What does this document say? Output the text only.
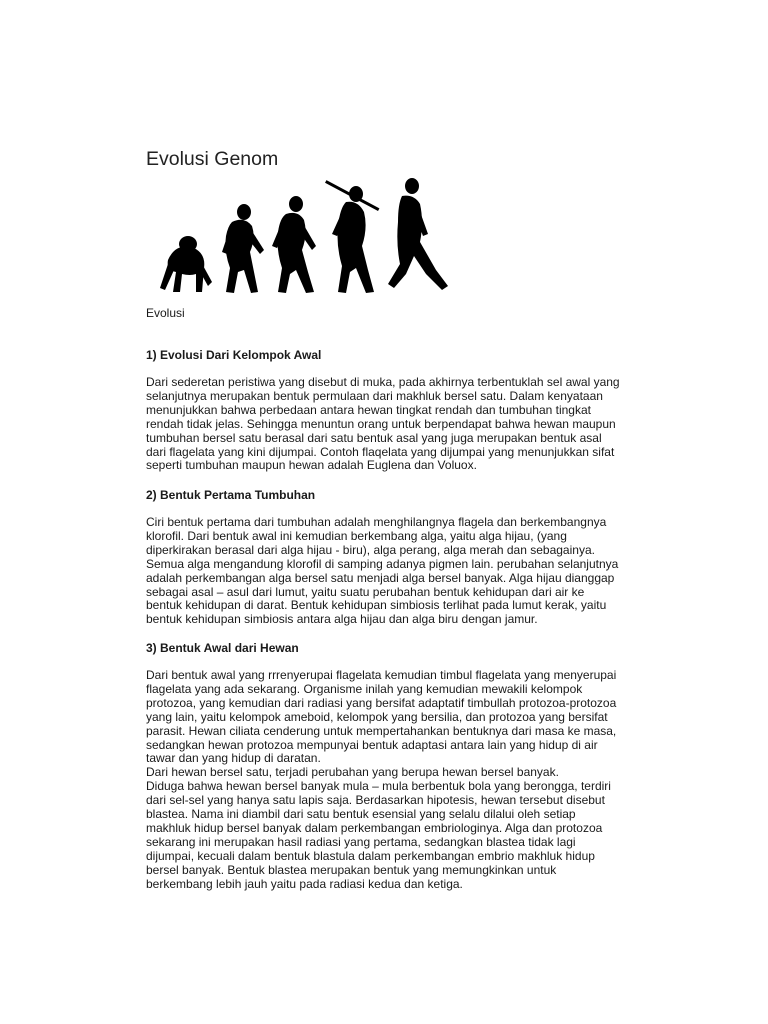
Evolusi Genom

Evolusi

1) Evolusi Dari Kelompok Awal
Dari sederetan peristiwa yang disebut di muka, pada akhirnya terbentuklah sel awal yang
selanjutnya merupakan bentuk permulaan dari makhluk bersel satu. Dalam kenyataan
menunjukkan bahwa perbedaan antara hewan tingkat rendah dan tumbuhan tingkat
rendah tidak jelas. Sehingga menuntun orang untuk berpendapat bahwa hewan maupun
tumbuhan bersel satu berasal dari satu bentuk asal yang juga merupakan bentuk asal
dari flagelata yang kini dijumpai. Contoh flaqelata yang dijumpai yang menunjukkan sifat
seperti tumbuhan maupun hewan adalah Euglena dan Voluox.
2) Bentuk Pertama Tumbuhan
Ciri bentuk pertama dari tumbuhan adalah menghilangnya flagela dan berkembangnya
klorofil. Dari bentuk awal ini kemudian berkembang alga, yaitu alga hijau, (yang
diperkirakan berasal dari alga hijau - biru), alga perang, alga merah dan sebagainya.
Semua alga mengandung klorofil di samping adanya pigmen lain. perubahan selanjutnya
adalah perkembangan alga bersel satu menjadi alga bersel banyak. Alga hijau dianggap
sebagai asal – asul dari lumut, yaitu suatu perubahan bentuk kehidupan dari air ke
bentuk kehidupan di darat. Bentuk kehidupan simbiosis terlihat pada lumut kerak, yaitu
bentuk kehidupan simbiosis antara alga hijau dan alga biru dengan jamur.
3) Bentuk Awal dari Hewan
Dari bentuk awal yang rrrenyerupai flagelata kemudian timbul flagelata yang menyerupai
flagelata yang ada sekarang. Organisme inilah yang kemudian mewakili kelompok
protozoa, yang kemudian dari radiasi yang bersifat adaptatif timbullah protozoa-protozoa
yang lain, yaitu kelompok ameboid, kelompok yang bersilia, dan protozoa yang bersifat
parasit. Hewan ciliata cenderung untuk mempertahankan bentuknya dari masa ke masa,
sedangkan hewan protozoa mempunyai bentuk adaptasi antara lain yang hidup di air
tawar dan yang hidup di daratan.
Dari hewan bersel satu, terjadi perubahan yang berupa hewan bersel banyak.
Diduga bahwa hewan bersel banyak mula – mula berbentuk bola yang berongga, terdiri
dari sel-sel yang hanya satu lapis saja. Berdasarkan hipotesis, hewan tersebut disebut
blastea. Nama ini diambil dari satu bentuk esensial yang selalu dilalui oleh setiap
makhluk hidup bersel banyak dalam perkembangan embriologinya. Alga dan protozoa
sekarang ini merupakan hasil radiasi yang pertama, sedangkan blastea tidak lagi
dijumpai, kecuali dalam bentuk blastula dalam perkembangan embrio makhluk hidup
bersel banyak. Bentuk blastea merupakan bentuk yang memungkinkan untuk
berkembang lebih jauh yaitu pada radiasi kedua dan ketiga.
